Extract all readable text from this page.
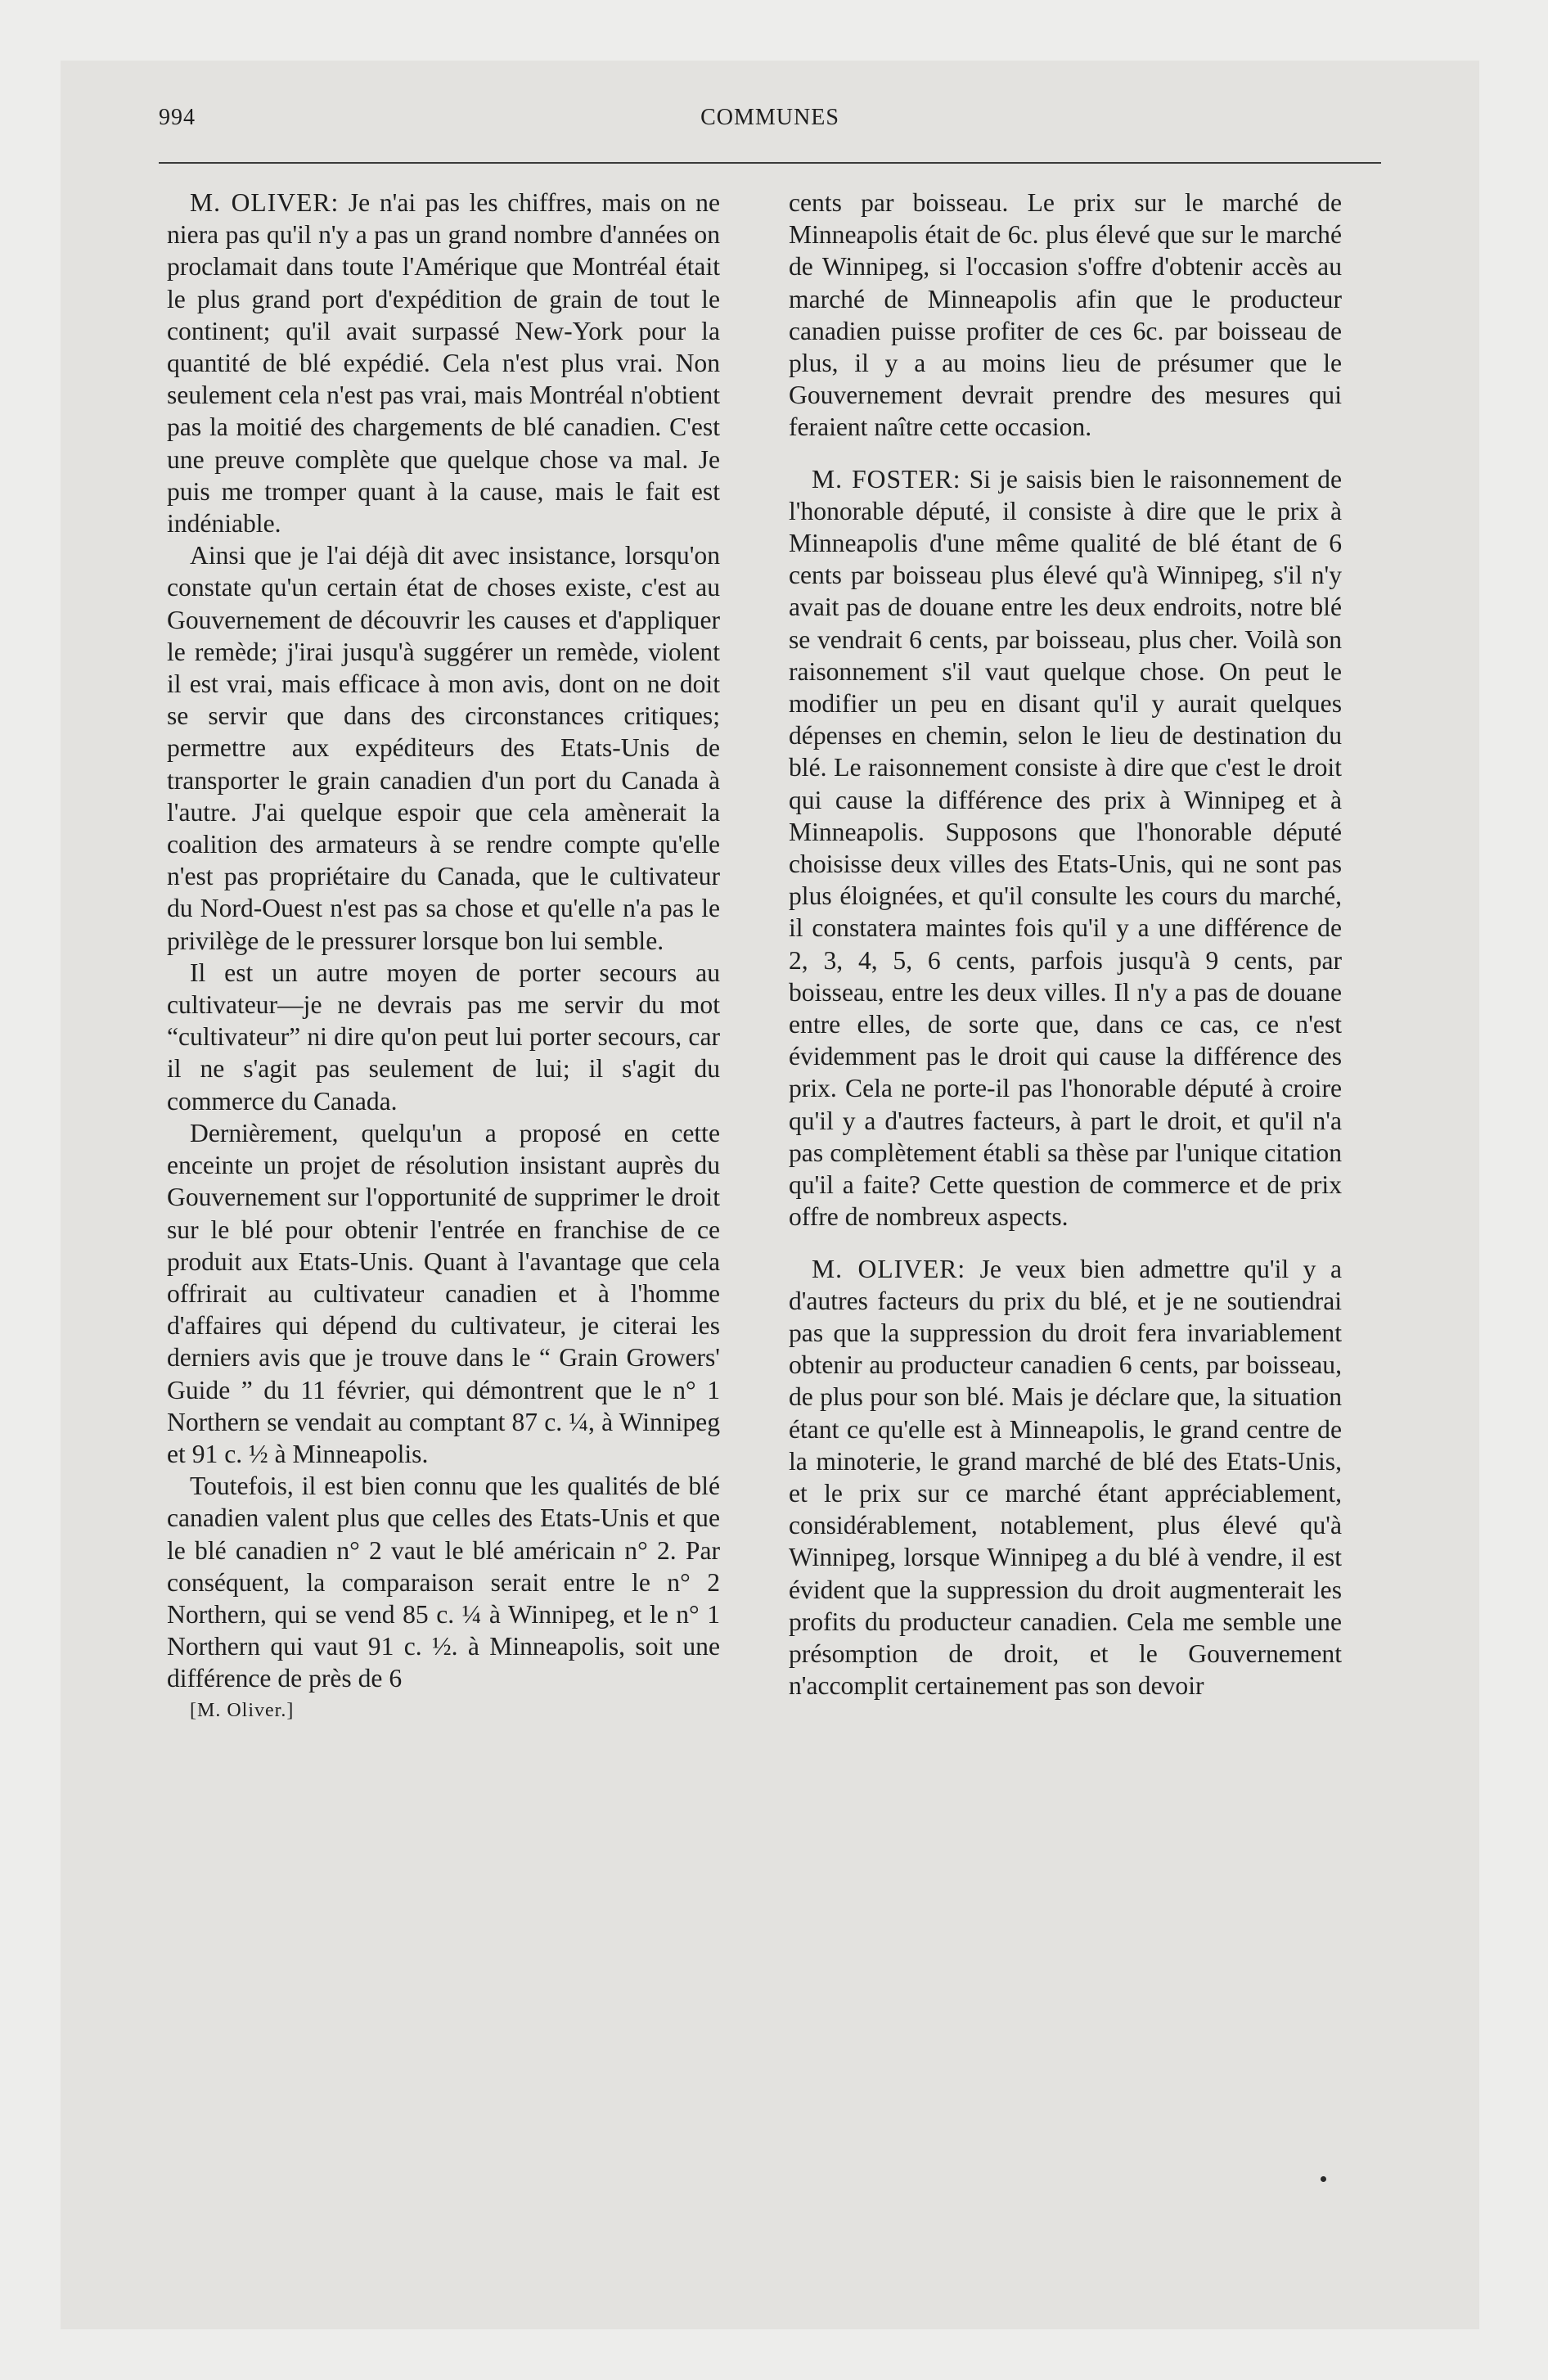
994	COMMUNES

M. OLIVER: Je n'ai pas les chiffres, mais on ne niera pas qu'il n'y a pas un grand nombre d'années on proclamait dans toute l'Amérique que Montréal était le plus grand port d'expédition de grain de tout le continent; qu'il avait surpassé New-York pour la quantité de blé expédié. Cela n'est plus vrai. Non seulement cela n'est pas vrai, mais Montréal n'obtient pas la moitié des chargements de blé canadien. C'est une preuve complète que quelque chose va mal. Je puis me tromper quant à la cause, mais le fait est indéniable.

Ainsi que je l'ai déjà dit avec insistance, lorsqu'on constate qu'un certain état de choses existe, c'est au Gouvernement de découvrir les causes et d'appliquer le remède; j'irai jusqu'à suggérer un remède, violent il est vrai, mais efficace à mon avis, dont on ne doit se servir que dans des circonstances critiques; permettre aux expéditeurs des Etats-Unis de transporter le grain canadien d'un port du Canada à l'autre. J'ai quelque espoir que cela amènerait la coalition des armateurs à se rendre compte qu'elle n'est pas propriétaire du Canada, que le cultivateur du Nord-Ouest n'est pas sa chose et qu'elle n'a pas le privilège de le pressurer lorsque bon lui semble.

Il est un autre moyen de porter secours au cultivateur—je ne devrais pas me servir du mot “cultivateur” ni dire qu'on peut lui porter secours, car il ne s'agit pas seulement de lui; il s'agit du commerce du Canada.

Dernièrement, quelqu'un a proposé en cette enceinte un projet de résolution insistant auprès du Gouvernement sur l'opportunité de supprimer le droit sur le blé pour obtenir l'entrée en franchise de ce produit aux Etats-Unis. Quant à l'avantage que cela offrirait au cultivateur canadien et à l'homme d'affaires qui dépend du cultivateur, je citerai les derniers avis que je trouve dans le “ Grain Growers' Guide ” du 11 février, qui démontrent que le n° 1 Northern se vendait au comptant 87 c. ¼, à Winnipeg et 91 c. ½ à Minneapolis.

Toutefois, il est bien connu que les qualités de blé canadien valent plus que celles des Etats-Unis et que le blé canadien n° 2 vaut le blé américain n° 2. Par conséquent, la comparaison serait entre le n° 2 Northern, qui se vend 85 c. ¼ à Winnipeg, et le n° 1 Northern qui vaut 91 c. ½. à Minneapolis, soit une différence de près de 6

[M. Oliver.]

cents par boisseau. Le prix sur le marché de Minneapolis était de 6c. plus élevé que sur le marché de Winnipeg, si l'occasion s'offre d'obtenir accès au marché de Minneapolis afin que le producteur canadien puisse profiter de ces 6c. par boisseau de plus, il y a au moins lieu de présumer que le Gouvernement devrait prendre des mesures qui feraient naître cette occasion.

M. FOSTER: Si je saisis bien le raisonnement de l'honorable député, il consiste à dire que le prix à Minneapolis d'une même qualité de blé étant de 6 cents par boisseau plus élevé qu'à Winnipeg, s'il n'y avait pas de douane entre les deux endroits, notre blé se vendrait 6 cents, par boisseau, plus cher. Voilà son raisonnement s'il vaut quelque chose. On peut le modifier un peu en disant qu'il y aurait quelques dépenses en chemin, selon le lieu de destination du blé. Le raisonnement consiste à dire que c'est le droit qui cause la différence des prix à Winnipeg et à Minneapolis. Supposons que l'honorable député choisisse deux villes des Etats-Unis, qui ne sont pas plus éloignées, et qu'il consulte les cours du marché, il constatera maintes fois qu'il y a une différence de 2, 3, 4, 5, 6 cents, parfois jusqu'à 9 cents, par boisseau, entre les deux villes. Il n'y a pas de douane entre elles, de sorte que, dans ce cas, ce n'est évidemment pas le droit qui cause la différence des prix. Cela ne porte-il pas l'honorable député à croire qu'il y a d'autres facteurs, à part le droit, et qu'il n'a pas complètement établi sa thèse par l'unique citation qu'il a faite? Cette question de commerce et de prix offre de nombreux aspects.

M. OLIVER: Je veux bien admettre qu'il y a d'autres facteurs du prix du blé, et je ne soutiendrai pas que la suppression du droit fera invariablement obtenir au producteur canadien 6 cents, par boisseau, de plus pour son blé. Mais je déclare que, la situation étant ce qu'elle est à Minneapolis, le grand centre de la minoterie, le grand marché de blé des Etats-Unis, et le prix sur ce marché étant appréciablement, considérablement, notablement, plus élevé qu'à Winnipeg, lorsque Winnipeg a du blé à vendre, il est évident que la suppression du droit augmenterait les profits du producteur canadien. Cela me semble une présomption de droit, et le Gouvernement n'accomplit certainement pas son devoir
